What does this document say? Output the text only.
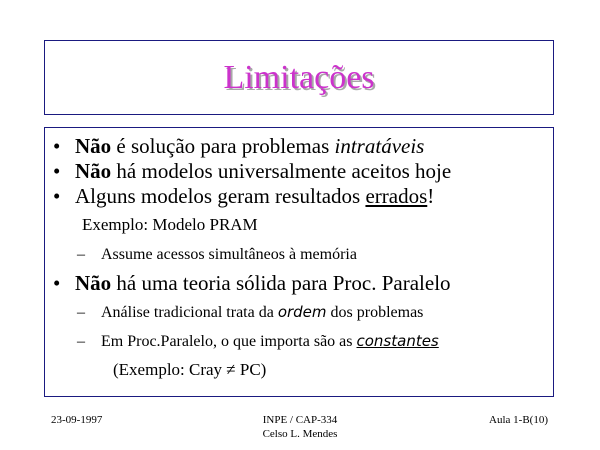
Limitações
• Não é solução para problemas intratáveis
• Não há modelos universalmente aceitos hoje
• Alguns modelos geram resultados errados!
Exemplo: Modelo PRAM
– Assume acessos simultâneos à memória
• Não há uma teoria sólida para Proc. Paralelo
– Análise tradicional trata da ordem dos problemas
– Em Proc.Paralelo, o que importa são as constantes
(Exemplo: Cray ≠ PC)
23-09-1997	INPE / CAP-334
Celso L. Mendes
Aula 1-B(10)
